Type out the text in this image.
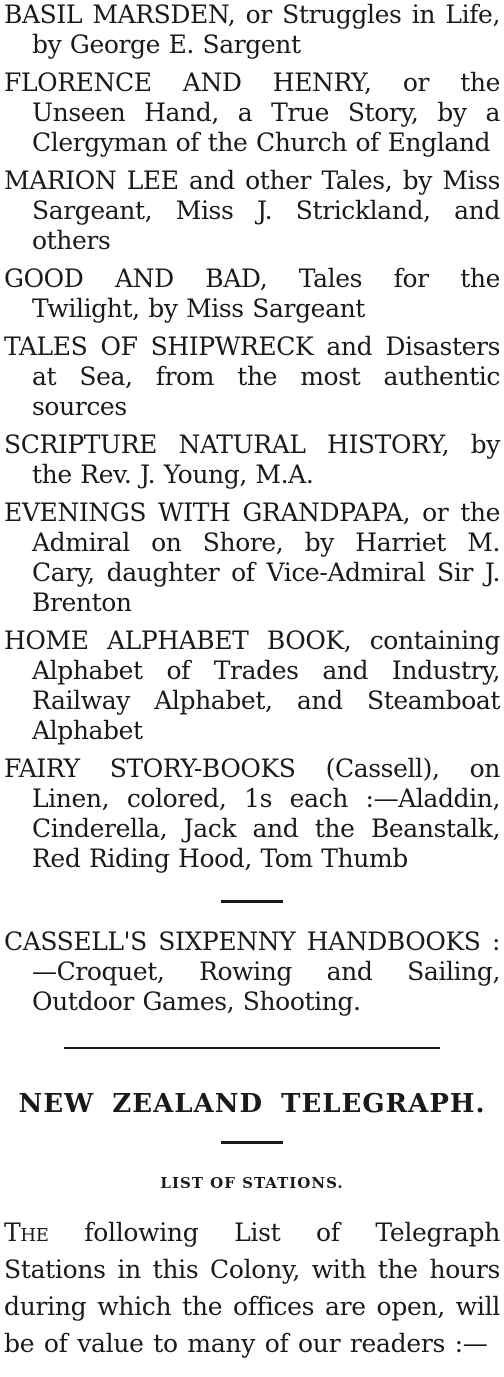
BASIL MARSDEN, or Struggles in Life, by George E. Sargent

FLORENCE AND HENRY, or the Unseen Hand, a True Story, by a Clergyman of the Church of England

MARION LEE and other Tales, by Miss Sargeant, Miss J. Strickland, and others

GOOD AND BAD, Tales for the Twilight, by Miss Sargeant

TALES OF SHIPWRECK and Disasters at Sea, from the most authentic sources

SCRIPTURE NATURAL HISTORY, by the Rev. J. Young, M.A.

EVENINGS WITH GRANDPAPA, or the Admiral on Shore, by Harriet M. Cary, daughter of Vice-Admiral Sir J. Brenton

HOME ALPHABET BOOK, containing Alphabet of Trades and Industry, Railway Alphabet, and Steamboat Alphabet

FAIRY STORY-BOOKS (Cassell), on Linen, colored, 1s each :—Aladdin, Cinderella, Jack and the Beanstalk, Red Riding Hood, Tom Thumb

CASSELL'S SIXPENNY HANDBOOKS :—Croquet, Rowing and Sailing, Outdoor Games, Shooting.

NEW ZEALAND TELEGRAPH.
LIST OF STATIONS.

The following List of Telegraph Stations in this Colony, with the hours during which the offices are open, will be of value to many of our readers :—
